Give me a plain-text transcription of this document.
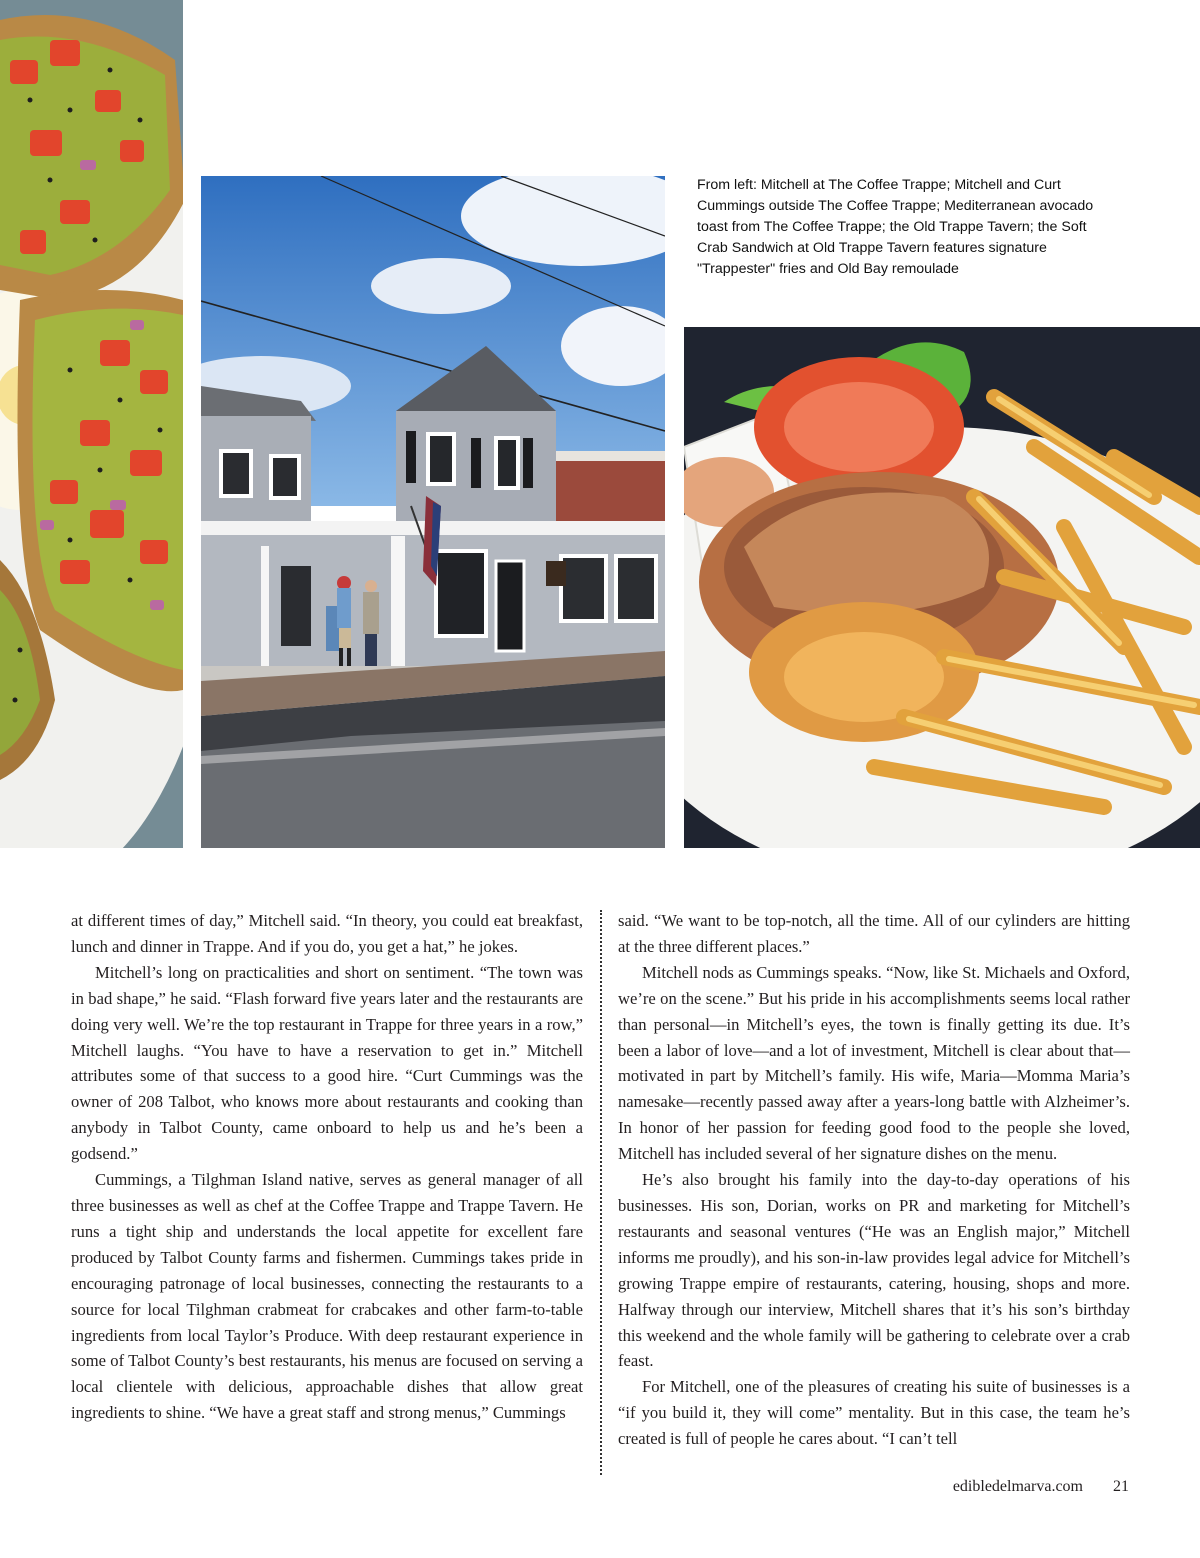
From left: Mitchell at The Coffee Trappe; Mitchell and Curt Cummings outside The Coffee Trappe; Mediterranean avocado toast from The Coffee Trappe; the Old Trappe Tavern; the Soft Crab Sandwich at Old Trappe Tavern features signature "Trappester" fries and Old Bay remoulade

at different times of day,” Mitchell said. “In theory, you could eat breakfast, lunch and dinner in Trappe. And if you do, you get a hat,” he jokes.

Mitchell’s long on practicalities and short on sentiment. “The town was in bad shape,” he said. “Flash forward five years later and the restaurants are doing very well. We’re the top restaurant in Trappe for three years in a row,” Mitchell laughs. “You have to have a reservation to get in.” Mitchell attributes some of that success to a good hire. “Curt Cummings was the owner of 208 Talbot, who knows more about restaurants and cooking than anybody in Talbot County, came onboard to help us and he’s been a godsend.”

Cummings, a Tilghman Island native, serves as general manager of all three businesses as well as chef at the Coffee Trappe and Trappe Tavern. He runs a tight ship and understands the local appetite for excellent fare produced by Talbot County farms and fishermen. Cummings takes pride in encouraging patronage of local businesses, connecting the restaurants to a source for local Tilghman crabmeat for crabcakes and other farm-to-table ingredients from local Taylor’s Produce. With deep restaurant experience in some of Talbot County’s best restaurants, his menus are focused on serving a local clientele with delicious, approachable dishes that allow great ingredients to shine. “We have a great staff and strong menus,” Cummings

said. “We want to be top-notch, all the time. All of our cylinders are hitting at the three different places.”

Mitchell nods as Cummings speaks. “Now, like St. Michaels and Oxford, we’re on the scene.” But his pride in his accomplishments seems local rather than personal—in Mitchell’s eyes, the town is finally getting its due. It’s been a labor of love—and a lot of investment, Mitchell is clear about that—motivated in part by Mitchell’s family. His wife, Maria—Momma Maria’s namesake—recently passed away after a years-long battle with Alzheimer’s. In honor of her passion for feeding good food to the people she loved, Mitchell has included several of her signature dishes on the menu.

He’s also brought his family into the day-to-day operations of his businesses. His son, Dorian, works on PR and marketing for Mitchell’s restaurants and seasonal ventures (“He was an English major,” Mitchell informs me proudly), and his son-in-law provides legal advice for Mitchell’s growing Trappe empire of restaurants, catering, housing, shops and more. Halfway through our interview, Mitchell shares that it’s his son’s birthday this weekend and the whole family will be gathering to celebrate over a crab feast.

For Mitchell, one of the pleasures of creating his suite of businesses is a “if you build it, they will come” mentality. But in this case, the team he’s created is full of people he cares about. “I can’t tell

edibledelmarva.com 21
